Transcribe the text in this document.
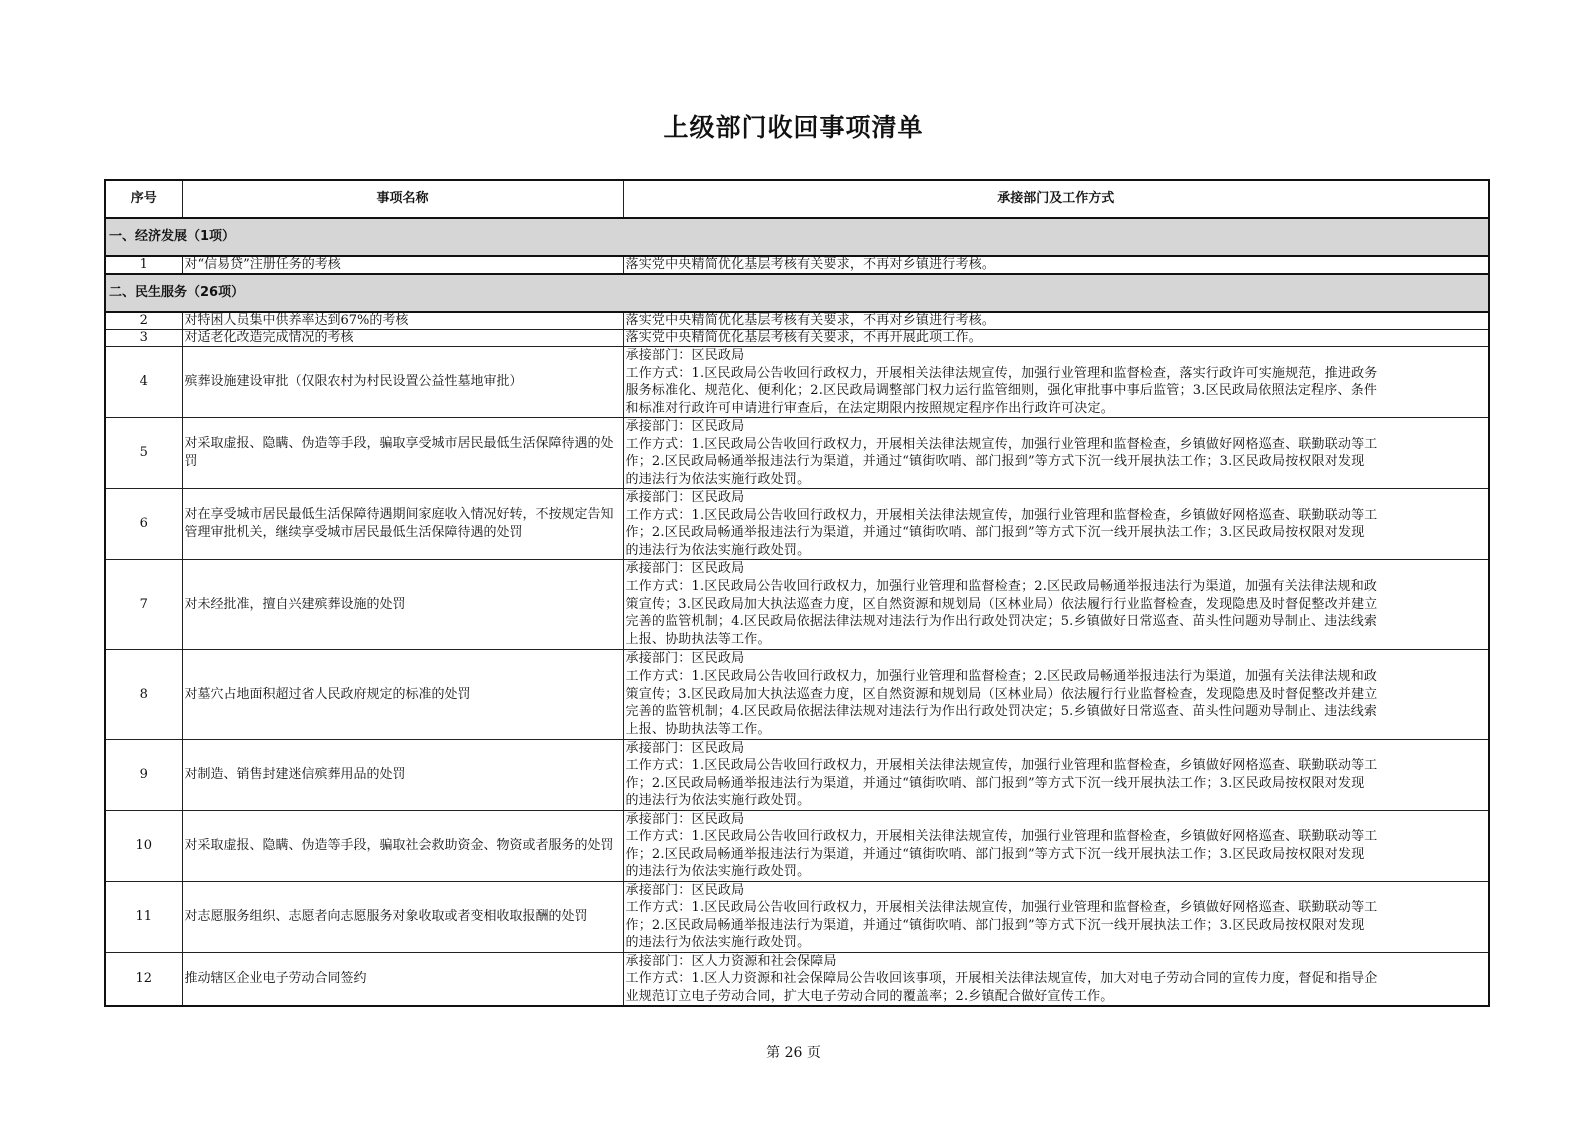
上级部门收回事项清单
序号	事项名称	承接部门及工作方式
一、经济发展（1项）		
1	对“信易贷”注册任务的考核	落实党中央精简优化基层考核有关要求，不再对乡镇进行考核。

二、民生服务（26项）		
2	对特困人员集中供养率达到67%的考核	落实党中央精简优化基层考核有关要求，不再对乡镇进行考核。

3	对适老化改造完成情况的考核	落实党中央精简优化基层考核有关要求，不再开展此项工作。

4	殡葬设施建设审批（仅限农村为村民设置公益性墓地审批）	承接部门：区民政局
工作方式：1.区民政局公告收回行政权力，开展相关法律法规宣传，加强行业管理和监督检查，落实行政许可实施规范，推进政务
服务标准化、规范化、便利化；2.区民政局调整部门权力运行监管细则，强化审批事中事后监管；3.区民政局依照法定程序、条件
和标准对行政许可申请进行审查后，在法定期限内按照规定程序作出行政许可决定。

5	对采取虚报、隐瞒、伪造等手段，骗取享受城市居民最低生活保障待遇的处罚	承接部门：区民政局
工作方式：1.区民政局公告收回行政权力，开展相关法律法规宣传，加强行业管理和监督检查，乡镇做好网格巡查、联勤联动等工
作；2.区民政局畅通举报违法行为渠道，并通过“镇街吹哨、部门报到”等方式下沉一线开展执法工作；3.区民政局按权限对发现
的违法行为依法实施行政处罚。

6	对在享受城市居民最低生活保障待遇期间家庭收入情况好转，不按规定告知管理审批机关，继续享受城市居民最低生活保障待遇的处罚	承接部门：区民政局
工作方式：1.区民政局公告收回行政权力，开展相关法律法规宣传，加强行业管理和监督检查，乡镇做好网格巡查、联勤联动等工
作；2.区民政局畅通举报违法行为渠道，并通过“镇街吹哨、部门报到”等方式下沉一线开展执法工作；3.区民政局按权限对发现
的违法行为依法实施行政处罚。

7	对未经批准，擅自兴建殡葬设施的处罚	承接部门：区民政局
工作方式：1.区民政局公告收回行政权力，加强行业管理和监督检查；2.区民政局畅通举报违法行为渠道，加强有关法律法规和政
策宣传；3.区民政局加大执法巡查力度，区自然资源和规划局（区林业局）依法履行行业监督检查，发现隐患及时督促整改并建立
完善的监管机制；4.区民政局依据法律法规对违法行为作出行政处罚决定；5.乡镇做好日常巡查、苗头性问题劝导制止、违法线索
上报、协助执法等工作。

8	对墓穴占地面积超过省人民政府规定的标准的处罚	承接部门：区民政局
工作方式：1.区民政局公告收回行政权力，加强行业管理和监督检查；2.区民政局畅通举报违法行为渠道，加强有关法律法规和政
策宣传；3.区民政局加大执法巡查力度，区自然资源和规划局（区林业局）依法履行行业监督检查，发现隐患及时督促整改并建立
完善的监管机制；4.区民政局依据法律法规对违法行为作出行政处罚决定；5.乡镇做好日常巡查、苗头性问题劝导制止、违法线索
上报、协助执法等工作。

9	对制造、销售封建迷信殡葬用品的处罚	承接部门：区民政局
工作方式：1.区民政局公告收回行政权力，开展相关法律法规宣传，加强行业管理和监督检查，乡镇做好网格巡查、联勤联动等工
作；2.区民政局畅通举报违法行为渠道，并通过“镇街吹哨、部门报到”等方式下沉一线开展执法工作；3.区民政局按权限对发现
的违法行为依法实施行政处罚。

10	对采取虚报、隐瞒、伪造等手段，骗取社会救助资金、物资或者服务的处罚	承接部门：区民政局
工作方式：1.区民政局公告收回行政权力，开展相关法律法规宣传，加强行业管理和监督检查，乡镇做好网格巡查、联勤联动等工
作；2.区民政局畅通举报违法行为渠道，并通过“镇街吹哨、部门报到”等方式下沉一线开展执法工作；3.区民政局按权限对发现
的违法行为依法实施行政处罚。

11	对志愿服务组织、志愿者向志愿服务对象收取或者变相收取报酬的处罚	承接部门：区民政局
工作方式：1.区民政局公告收回行政权力，开展相关法律法规宣传，加强行业管理和监督检查，乡镇做好网格巡查、联勤联动等工
作；2.区民政局畅通举报违法行为渠道，并通过“镇街吹哨、部门报到”等方式下沉一线开展执法工作；3.区民政局按权限对发现
的违法行为依法实施行政处罚。

12	推动辖区企业电子劳动合同签约	承接部门：区人力资源和社会保障局
工作方式：1.区人力资源和社会保障局公告收回该事项，开展相关法律法规宣传，加大对电子劳动合同的宣传力度，督促和指导企
业规范订立电子劳动合同，扩大电子劳动合同的覆盖率；2.乡镇配合做好宣传工作。
第 26 页
